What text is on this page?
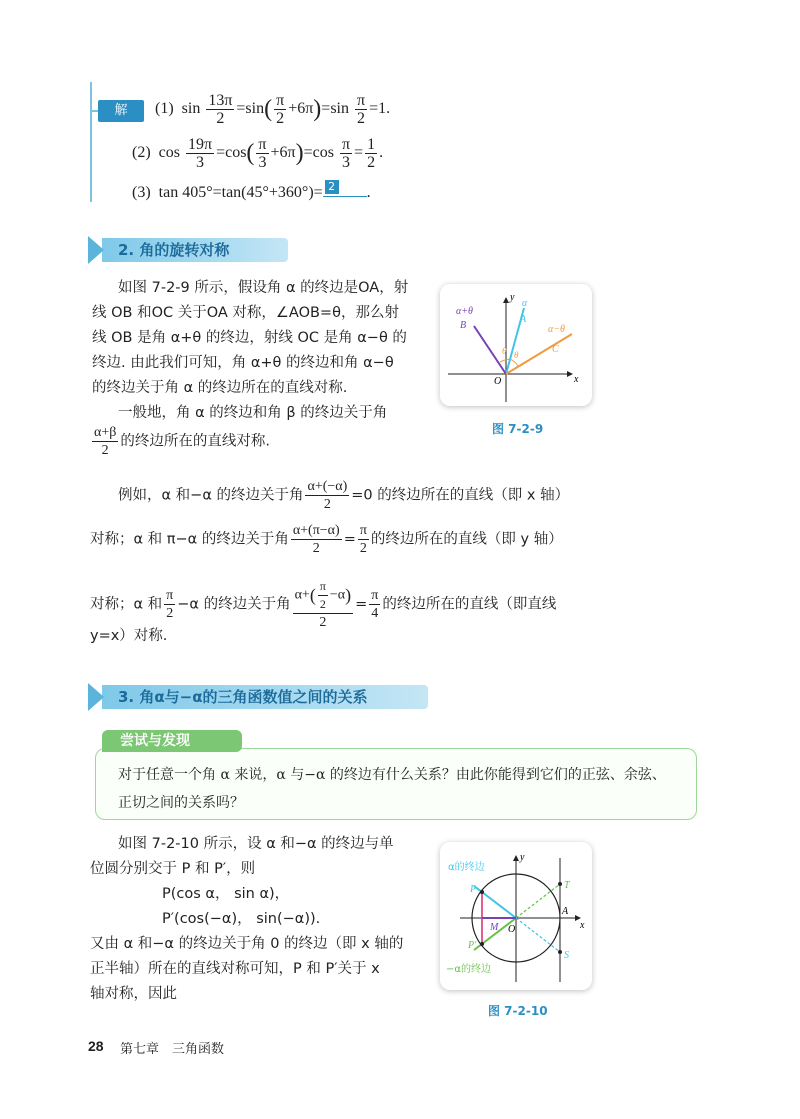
解	(1) $\sin \frac{13\pi}{2} =\sin( \frac{\pi}{2} +6\pi)=\sin \frac{\pi}{2} =1$.
(2) $\cos \frac{19\pi}{3} =\cos( \frac{\pi}{3} +6\pi)=\cos \frac{\pi}{3} = \frac{1}{2}$ .
(3) tan 405°=tan(45°+360°)= 2 .
2. 角的旋转对称
如图 7-2-9 所示，假设角 α 的终边是OA，射
线 OB 和OC 关于OA 对称，∠AOB=θ，那么射
线 OB 是角 α+θ 的终边，射线 OC 是角 α−θ 的
终边. 由此我们可知，角 α+θ 的终边和角 α−θ
的终边关于角 α 的终边所在的直线对称.
一般地，角 α 的终边和角 β 的终边关于角
$\frac{\alpha+\beta}{2}$ 的终边所在的直线对称.
例如，α 和−α 的终边关于角 $\frac{\alpha+(-\alpha)}{2} =0$ 的终边所在的直线（即 x 轴）
对称；α 和 π−α 的终边关于角 $\frac{\alpha+(\pi-\alpha)}{2} = \frac{\pi}{2}$ 的终边所在的直线（即 y 轴）
对称；α 和 $\frac{\pi}{2} -\alpha$ 的终边关于角 $\frac{\alpha+( \frac{\pi}{2} -\alpha)}{2} = \frac{\pi}{4}$ 的终边所在的直线（即直线
y=x）对称.
y
x
O
α
A
B
α+θ
C
α−θ
θ θ
图 7-2-9
3. 角α与−α的三角函数值之间的关系
对于任意一个角 α 来说，α 与−α 的终边有什么关系？由此你能得到它们的正弦、余弦、正切之间的关系吗？
尝试与发现
如图 7-2-10 所示，设 α 和−α 的终边与单
位圆分别交于 P 和 P′，则
P(cos α， sin α)，
P′(cos(−α)， sin(−α)).
又由 α 和−α 的终边关于角 0 的终边（即 x 轴的
正半轴）所在的直线对称可知，P 和 P′关于 x
轴对称，因此
y
x
α的终边
−α的终边
P
P′
M O
A
T
S
图 7-2-10
28 第七章　三角函数
